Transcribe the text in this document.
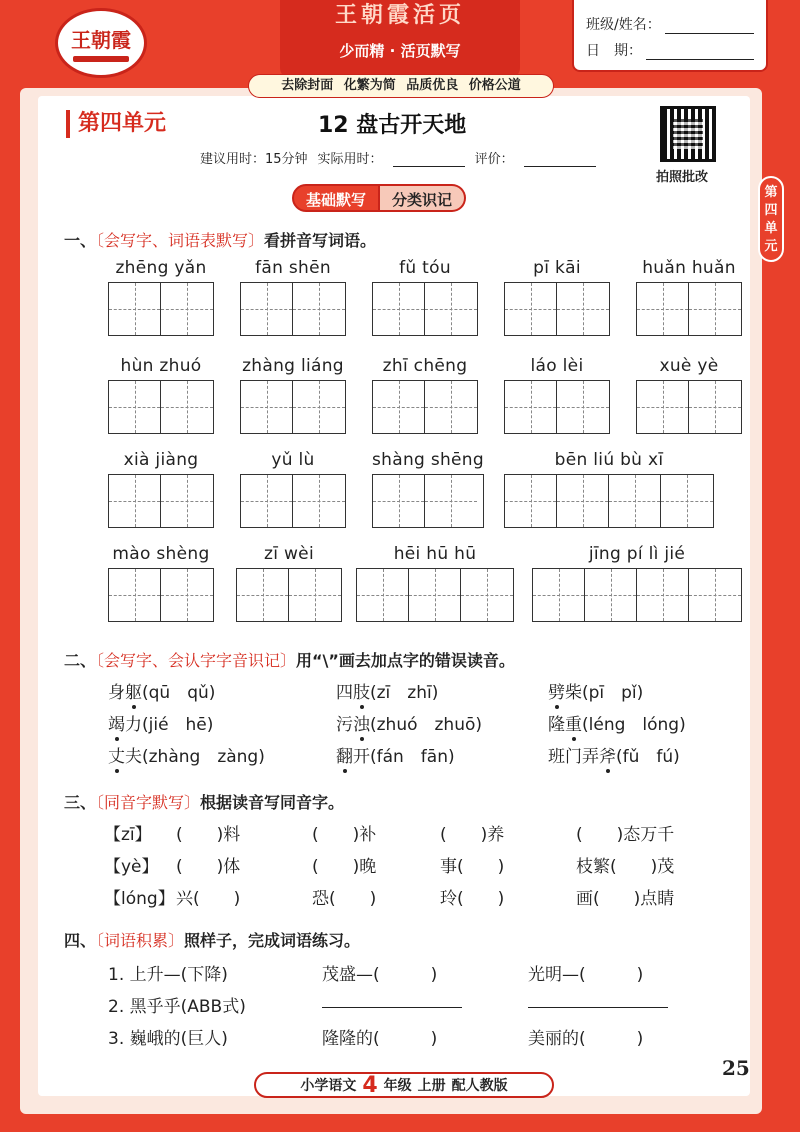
王朝霞
王朝霞活页
少而精 · 活页默写
班级/姓名：
日　期：
去除封面 化繁为简 品质优良 价格公道
第四单元
第四单元	12 盘古开天地
建议用时：15分钟 实际用时：	评价：
拍照批改
基础默写	分类识记
一、〔会写字、词语表默写〕看拼音写词语。
zhēng yǎn	fān shēn	fǔ tóu	pī kāi	huǎn huǎn
hùn zhuó	zhàng liáng	zhī chēng	láo lèi	xuè yè
xià jiàng	yǔ lù	shàng shēng	bēn liú bù xī
mào shèng	zī wèi	hēi hū hū	jīng pí lì jié
二、〔会写字、会认字字音识记〕用“\”画去加点字的错误读音。
身躯(qū　qǔ)	四肢(zī　zhī)	劈柴(pī　pǐ)
竭力(jié　hē)	污浊(zhuó　zhuō)	隆重(léng　lóng)
丈夫(zhàng　zàng)	翻开(fán　fān)	班门弄斧(fǔ　fú)
三、〔同音字默写〕根据读音写同音字。
【zī】 (　　)料	(　　)补	(　　)养	(　　)态万千
【yè】 (　　)体	(　　)晚	事(　　)	枝繁(　　)茂
【lóng】 兴(　　)	恐(　　)	玲(　　)	画(　　)点睛
四、〔词语积累〕照样子，完成词语练习。
1. 上升—(下降)	茂盛—(　　　)	光明—(　　　)
2. 黑乎乎(ABB式)
3. 巍峨的(巨人)	隆隆的(　　　)	美丽的(　　　)
小学语文 4 年级 上册 配人教版
25
